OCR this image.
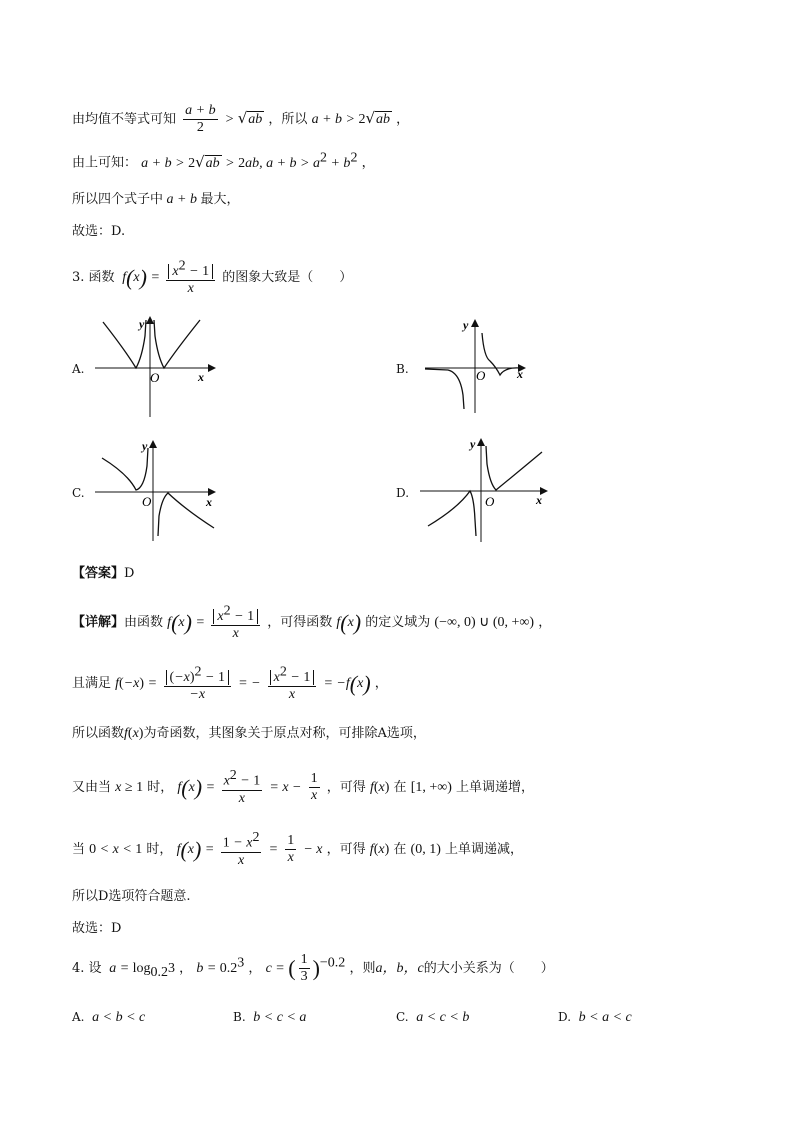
由均值不等式可知 $\frac{a + b}{2} > √ab$ ，所以 a + b > 2√ab ，
由上可知： a + b > 2√ab > 2ab, $a + b > a^2 + b^2$ ，
所以四个式子中 a + b 最大，
故选：D.
3. 函数  $f(x) = \frac{x^2 - 1}{x}$ 的图象大致是（　　）
A.
y
O	x
B.
y
O	x
C.
y
O	x
D.
y
O	x
【答案】D
【详解】由函数 $f(x) = \frac{x^2 - 1}{x}$ ，可得函数 f(x) 的定义域为 (−∞, 0) ∪ (0, +∞) ，
且满足 $f(-x) = \frac{(-x)^2 - 1}{-x}$ = − $\frac{x^2 - 1}{x} = -f(x)$ ，
所以函数f(x)为奇函数，其图象关于原点对称，可排除A选项，
又由当 x ≥ 1 时， $f(x) = \frac{x^2 - 1}{x} = x - \frac{1}{x}$ ，可得 f(x) 在 [1, +∞) 上单调递增，
当 0 < x < 1 时， $f(x) = \frac{1 - x^2}{x} = \frac{1}{x} - x$ ，可得 f(x) 在 (0, 1) 上单调递减，
所以D选项符合题意.
故选：D
4. 设  $a = \log_{0.2}3$ ， $b = 0.2^3$ ， c = ( $\frac{1}{3} )^{-0.2}$ ，则a，b，c的大小关系为（　　）
A. a < b < c	B. b < c < a	C. a < c < b	D. b < a < c
